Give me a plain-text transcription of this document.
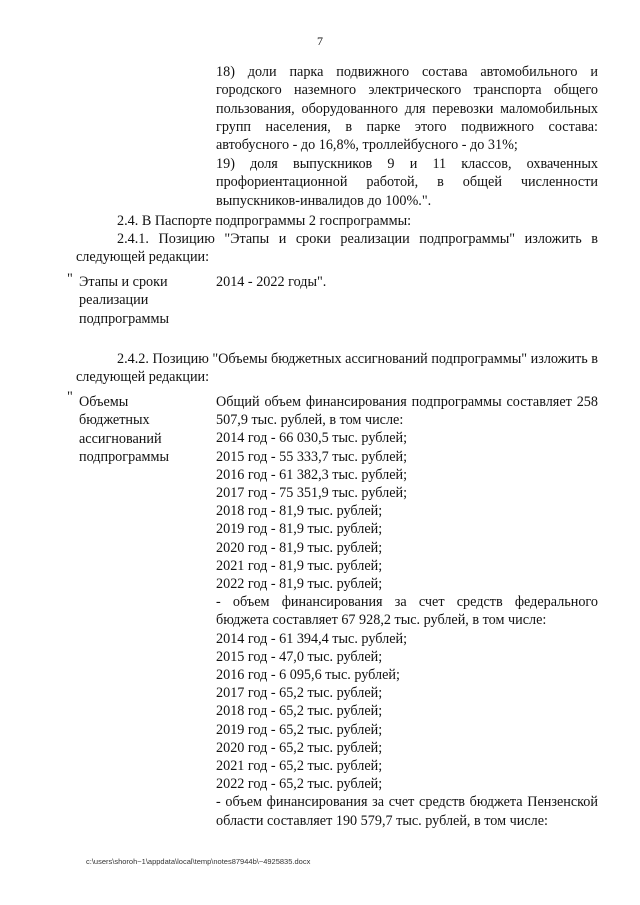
7
18) доли парка подвижного состава автомобильного и городского наземного электрического транспорта общего пользования, оборудованного для перевозки маломобильных групп населения, в парке этого подвижного состава: автобусного - до 16,8%, троллейбусного - до 31%;
19) доля выпускников 9 и 11 классов, охваченных профориентационной работой, в общей численности выпускников-инвалидов до 100%.".
2.4. В Паспорте подпрограммы 2 госпрограммы:
2.4.1. Позицию "Этапы и сроки реализации подпрограммы" изложить в следующей редакции:
" Этапы и сроки
реализации
подпрограммы
2014 - 2022 годы".
2.4.2. Позицию "Объемы бюджетных ассигнований подпрограммы" изложить в следующей редакции:
" Объемы
бюджетных
ассигнований
подпрограммы
Общий объем финансирования подпрограммы составляет 258 507,9 тыс. рублей, в том числе:
2014 год - 66 030,5 тыс. рублей;
2015 год - 55 333,7 тыс. рублей;
2016 год - 61 382,3 тыс. рублей;
2017 год - 75 351,9 тыс. рублей;
2018 год - 81,9 тыс. рублей;
2019 год - 81,9 тыс. рублей;
2020 год - 81,9 тыс. рублей;
2021 год - 81,9 тыс. рублей;
2022 год - 81,9 тыс. рублей;
- объем финансирования за счет средств федерального бюджета составляет 67 928,2 тыс. рублей, в том числе:
2014 год - 61 394,4 тыс. рублей;
2015 год - 47,0 тыс. рублей;
2016 год - 6 095,6 тыс. рублей;
2017 год - 65,2 тыс. рублей;
2018 год - 65,2 тыс. рублей;
2019 год - 65,2 тыс. рублей;
2020 год - 65,2 тыс. рублей;
2021 год - 65,2 тыс. рублей;
2022 год - 65,2 тыс. рублей;
- объем финансирования за счет средств бюджета Пензенской области составляет 190 579,7 тыс. рублей, в том числе:
c:\users\shoroh~1\appdata\local\temp\notes87944b\~4925835.docx
